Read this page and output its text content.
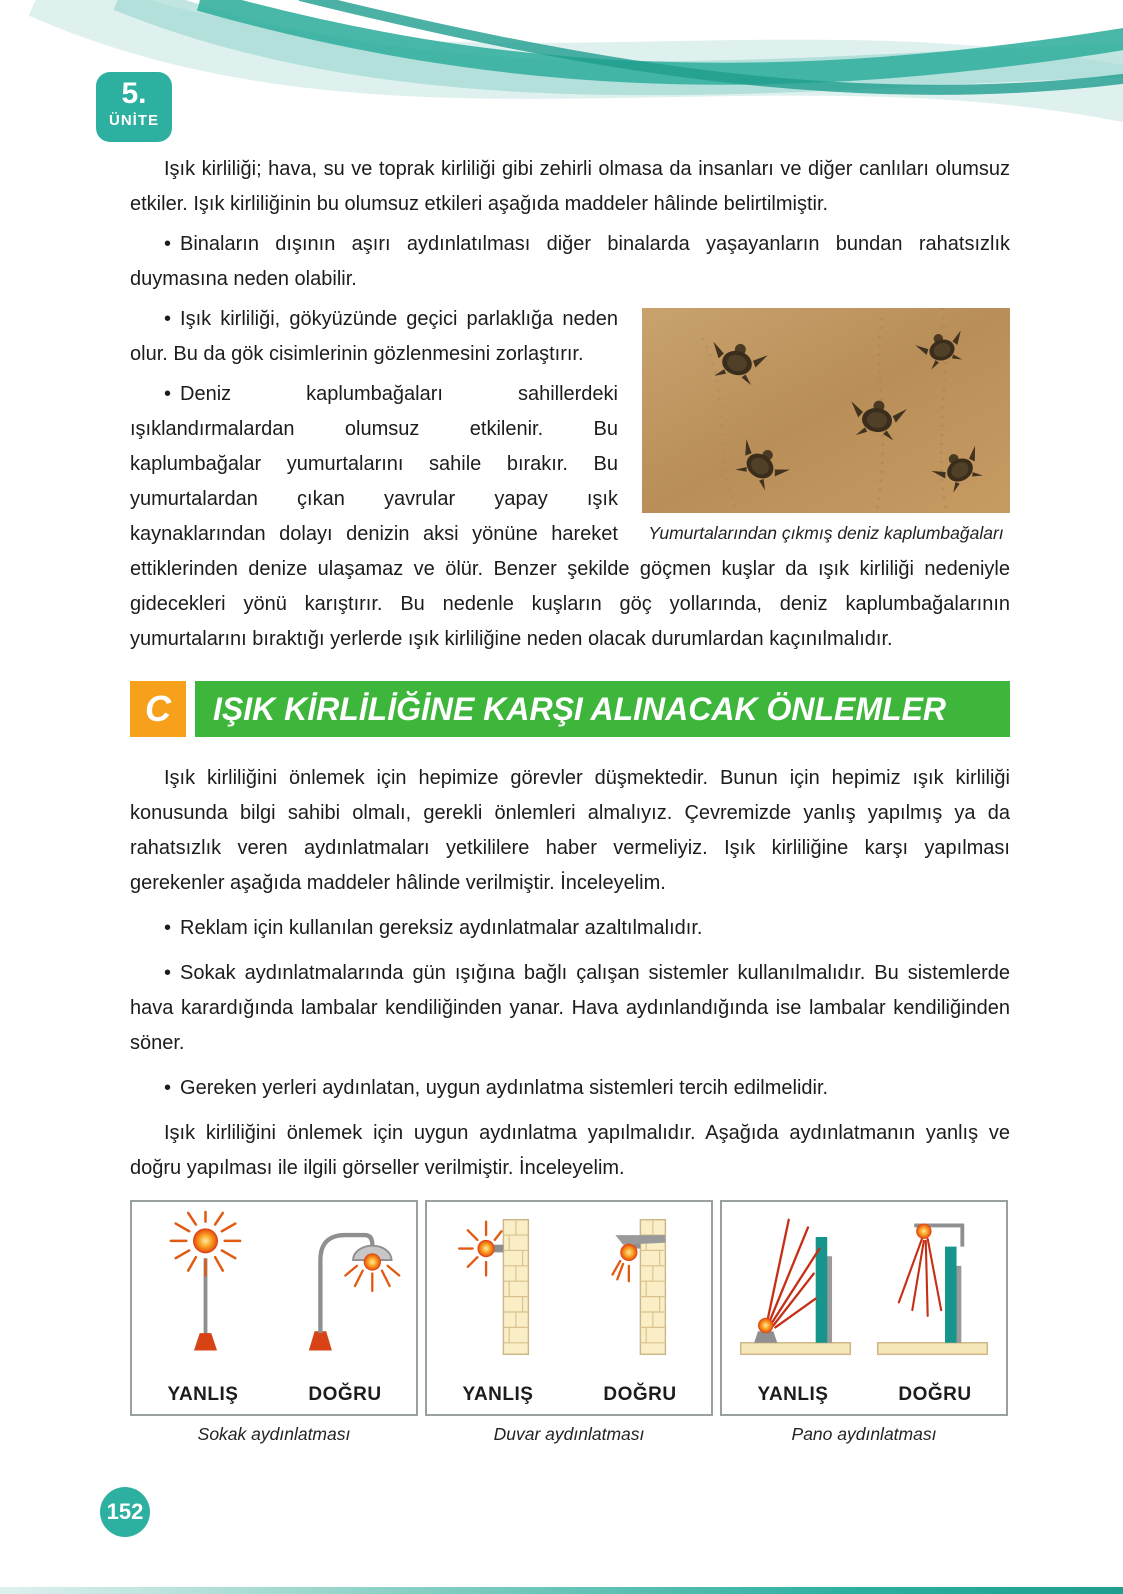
5.
ÜNİTE

Işık kirliliği; hava, su ve toprak kirliliği gibi zehirli olmasa da insanları ve diğer canlıları olumsuz etkiler. Işık kirliliğinin bu olumsuz etkileri aşağıda maddeler hâlinde belirtilmiştir.

• Binaların dışının aşırı aydınlatılması diğer binalarda yaşayanların bundan rahatsızlık duymasına neden olabilir.

Yumurtalarından çıkmış deniz kaplumbağaları

• Işık kirliliği, gökyüzünde geçici parlaklığa neden olur. Bu da gök cisimlerinin gözlenmesini zorlaştırır.

• Deniz kaplumbağaları sahillerdeki ışıklandırmalardan olumsuz etkilenir. Bu kaplumbağalar yumurtalarını sahile bırakır. Bu yumurtalardan çıkan yavrular yapay ışık kaynaklarından dolayı denizin aksi yönüne hareket ettiklerinden denize ulaşamaz ve ölür. Benzer şekilde göçmen kuşlar da ışık kirliliği nedeniyle gidecekleri yönü karıştırır. Bu nedenle kuşların göç yollarında, deniz kaplumbağalarının yumurtalarını bıraktığı yerlerde ışık kirliliğine neden olacak durumlardan kaçınılmalıdır.

C IŞIK KİRLİLİĞİNE KARŞI ALINACAK ÖNLEMLER

Işık kirliliğini önlemek için hepimize görevler düşmektedir. Bunun için hepimiz ışık kirliliği konusunda bilgi sahibi olmalı, gerekli önlemleri almalıyız. Çevremizde yanlış yapılmış ya da rahatsızlık veren aydınlatmaları yetkililere haber vermeliyiz. Işık kirliliğine karşı yapılması gerekenler aşağıda maddeler hâlinde verilmiştir. İnceleyelim.

• Reklam için kullanılan gereksiz aydınlatmalar azaltılmalıdır.

• Sokak aydınlatmalarında gün ışığına bağlı çalışan sistemler kullanılmalıdır. Bu sistemlerde hava karardığında lambalar kendiliğinden yanar. Hava aydınlandığında ise lambalar kendiliğinden söner.

• Gereken yerleri aydınlatan, uygun aydınlatma sistemleri tercih edilmelidir.

Işık kirliliğini önlemek için uygun aydınlatma yapılmalıdır. Aşağıda aydınlatmanın yanlış ve doğru yapılması ile ilgili görseller verilmiştir. İnceleyelim.

YANLIŞ	DOĞRU
Sokak aydınlatması
YANLIŞ	DOĞRU
Duvar aydınlatması
YANLIŞ	DOĞRU
Pano aydınlatması
152
